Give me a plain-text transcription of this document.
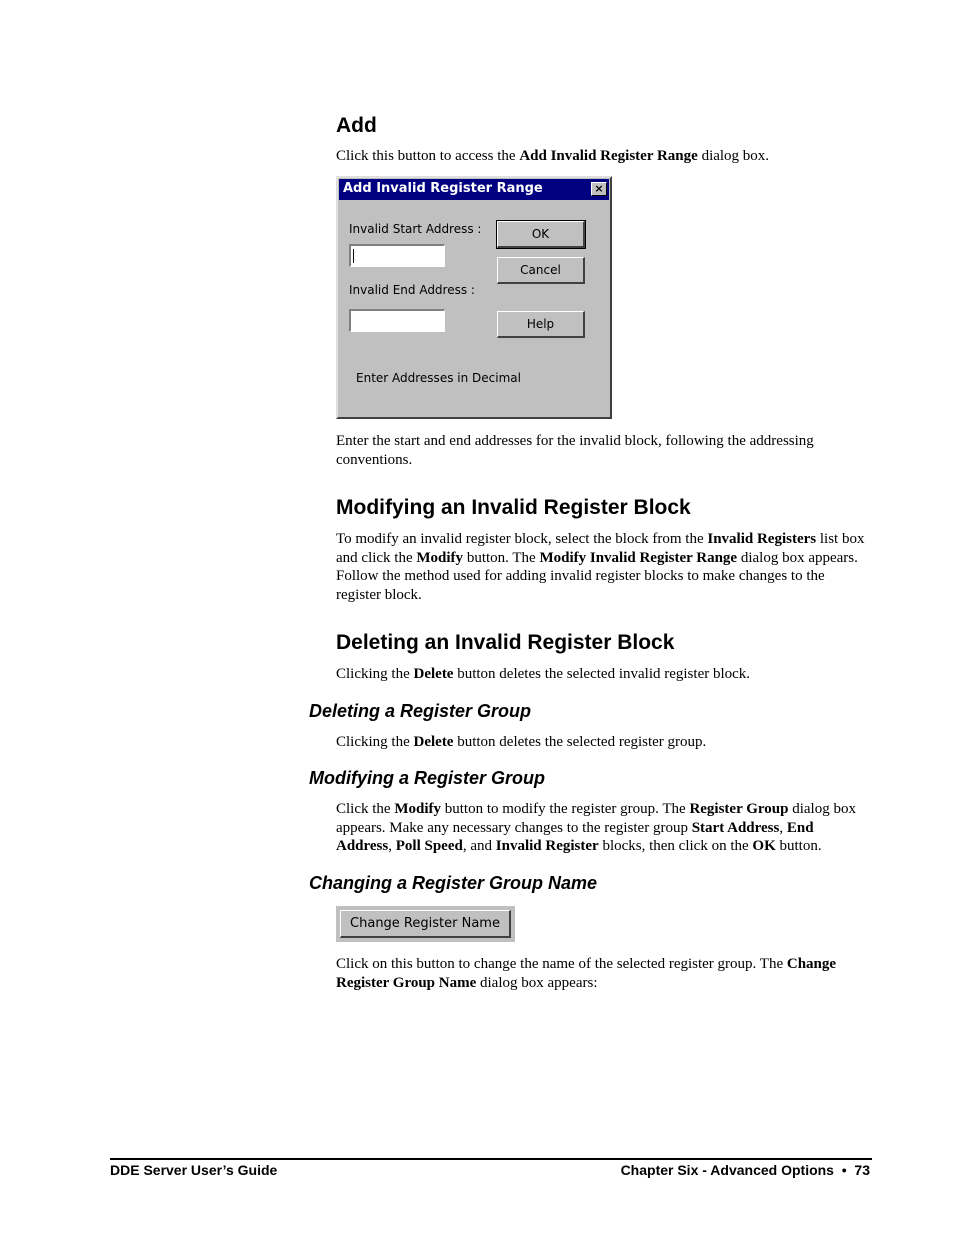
Add

Click this button to access the Add Invalid Register Range dialog box.

Add Invalid Register Range	×
Invalid Start Address :
Invalid End Address :
OK
Cancel
Help
Enter Addresses in Decimal

Enter the start and end addresses for the invalid block, following the addressing conventions.

Modifying an Invalid Register Block

To modify an invalid register block, select the block from the Invalid Registers list box and click the Modify button. The Modify Invalid Register Range dialog box appears. Follow the method used for adding invalid register blocks to make changes to the register block.

Deleting an Invalid Register Block

Clicking the Delete button deletes the selected invalid register block.

Deleting a Register Group

Clicking the Delete button deletes the selected register group.

Modifying a Register Group

Click the Modify button to modify the register group. The Register Group dialog box appears. Make any necessary changes to the register group Start Address, End Address, Poll Speed, and Invalid Register blocks, then click on the OK button.

Changing a Register Group Name
Change Register Name

Click on this button to change the name of the selected register group. The Change Register Group Name dialog box appears:

DDE Server User’s Guide	Chapter Six - Advanced Options  •  73
